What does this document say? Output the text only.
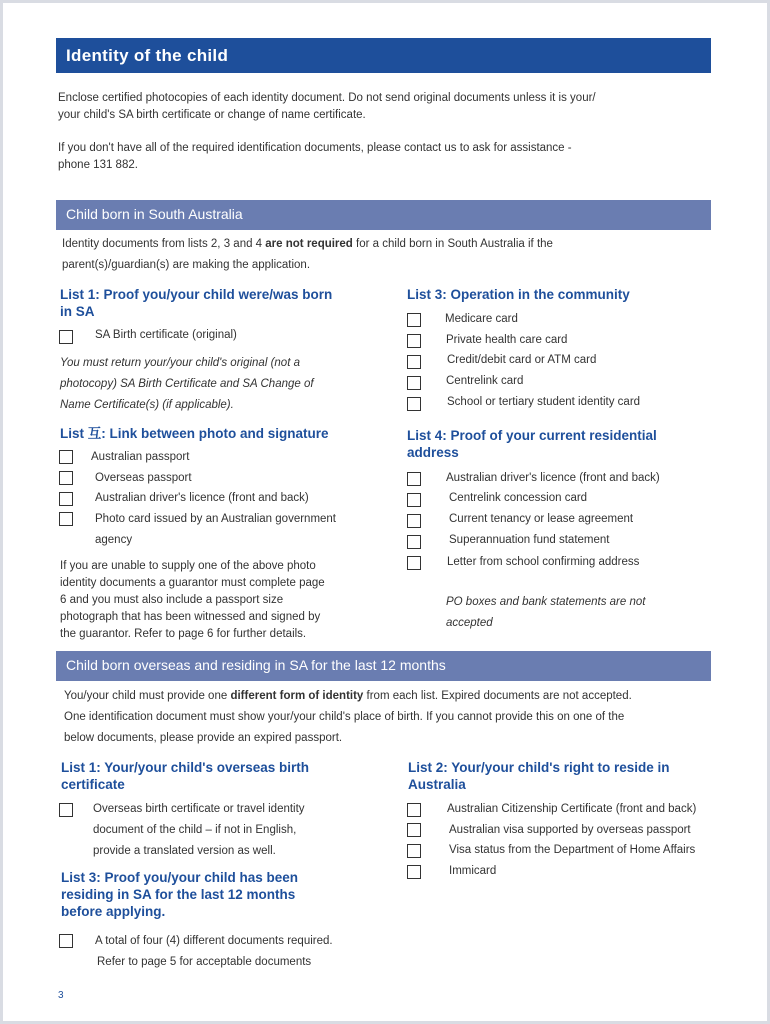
Identity of the child
Enclose certified photocopies of each identity document. Do not send original documents unless it is your/
your child's SA birth certificate or change of name certificate.
If you don't have all of the required identification documents, please contact us to ask for assistance -
phone 131 882.
Child born in South Australia
Identity documents from lists 2, 3 and 4 are not required for a child born in South Australia if the
parent(s)/guardian(s) are making the application.
List 1: Proof you/your child were/was born
in SA
SA Birth certificate (original)
You must return your/your child's original (not a
photocopy) SA Birth Certificate and SA Change of
Name Certificate(s) (if applicable).
List 互: Link between photo and signature
Australian passport
Overseas passport
Australian driver's licence (front and back)
Photo card issued by an Australian government
agency
If you are unable to supply one of the above photo
identity documents a guarantor must complete page
6 and you must also include a passport size
photograph that has been witnessed and signed by
the guarantor. Refer to page 6 for further details.
List 3: Operation in the community
Medicare card
Private health care card
Credit/debit card or ATM card
Centrelink card
School or tertiary student identity card
List 4: Proof of your current residential
address
Australian driver's licence (front and back)
Centrelink concession card
Current tenancy or lease agreement
Superannuation fund statement
Letter from school confirming address
PO boxes and bank statements are not
accepted
Child born overseas and residing in SA for the last 12 months
You/your child must provide one different form of identity from each list. Expired documents are not accepted.
One identification document must show your/your child's place of birth. If you cannot provide this on one of the
below documents, please provide an expired passport.
List 1: Your/your child's overseas birth
certificate
Overseas birth certificate or travel identity
document of the child – if not in English,
provide a translated version as well.
List 3: Proof you/your child has been
residing in SA for the last 12 months
before applying.
A total of four (4) different documents required.
Refer to page 5 for acceptable documents
List 2: Your/your child's right to reside in
Australia
Australian Citizenship Certificate (front and back)
Australian visa supported by overseas passport
Visa status from the Department of Home Affairs
Immicard
3
